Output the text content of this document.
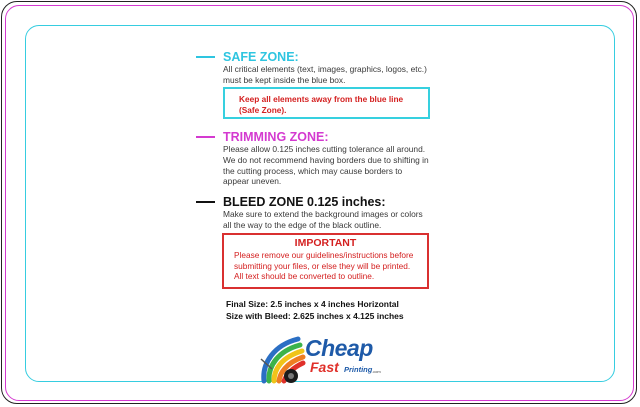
SAFE ZONE:
All critical elements (text, images, graphics, logos, etc.)
must be kept inside the blue box.
Keep all elements away from the blue line
(Safe Zone).
TRIMMING ZONE:
Please allow 0.125 inches cutting tolerance all around.
We do not recommend having borders due to shifting in
the cutting process, which may cause borders to
appear uneven.
BLEED ZONE 0.125 inches:
Make sure to extend the background images or colors
all the way to the edge of the black outline.
IMPORTANT
Please remove our guidelines/instructions before
submitting your files, or else they will be printed.
All text should be converted to outline.
Final Size: 2.5 inches x 4 inches Horizontal
Size with Bleed: 2.625 inches x 4.125 inches
Cheap
Fast Printing .com
